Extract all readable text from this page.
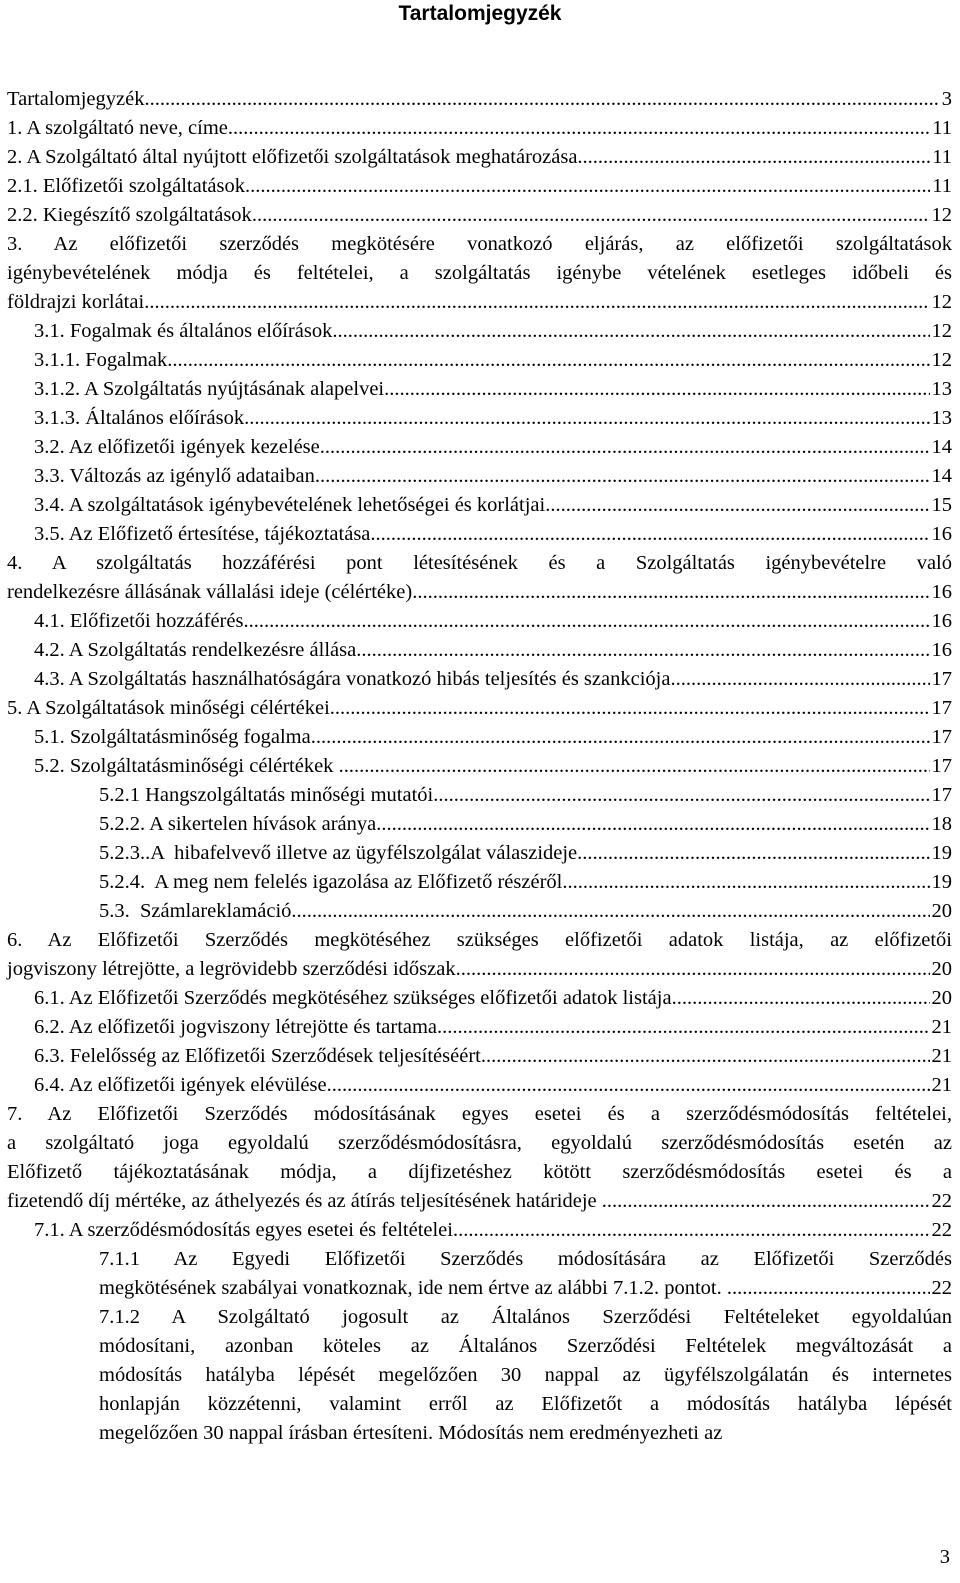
Tartalomjegyzék
Tartalomjegyzék .....	3
1. A szolgáltató neve, címe .....	11
2. A Szolgáltató által nyújtott előfizetői szolgáltatások meghatározása .....	11
2.1. Előfizetői szolgáltatások .....	11
2.2. Kiegészítő szolgáltatások .....	12
3. Az előfizetői szerződés megkötésére vonatkozó eljárás, az előfizetői szolgáltatások
igénybevételének módja és feltételei, a szolgáltatás igénybe vételének esetleges időbeli és
földrajzi korlátai .....	12
3.1. Fogalmak és általános előírások .....	12
3.1.1. Fogalmak .....	12
3.1.2. A Szolgáltatás nyújtásának alapelvei .....	13
3.1.3. Általános előírások .....	13
3.2. Az előfizetői igények kezelése .....	14
3.3. Változás az igénylő adataiban .....	14
3.4. A szolgáltatások igénybevételének lehetőségei és korlátjai .....	15
3.5. Az Előfizető értesítése, tájékoztatása .....	16
4. A szolgáltatás hozzáférési pont létesítésének és a Szolgáltatás igénybevételre való
rendelkezésre állásának vállalási ideje (célértéke) .....	16
4.1. Előfizetői hozzáférés .....	16
4.2. A Szolgáltatás rendelkezésre állása .....	16
4.3. A Szolgáltatás használhatóságára vonatkozó hibás teljesítés és szankciója .....	17
5. A Szolgáltatások minőségi célértékei .....	17
5.1. Szolgáltatásminőség fogalma .....	17
5.2. Szolgáltatásminőségi célértékek .....	17
5.2.1 Hangszolgáltatás minőségi mutatói .....	17
5.2.2. A sikertelen hívások aránya .....	18
5.2.3..A  hibafelvevő illetve az ügyfélszolgálat válaszideje .....	19
5.2.4.  A meg nem felelés igazolása az Előfizető részéről .....	19
5.3.  Számlareklamáció .....	20
6. Az Előfizetői Szerződés megkötéséhez szükséges előfizetői adatok listája, az előfizetői
jogviszony létrejötte, a legrövidebb szerződési időszak .....	20
6.1. Az Előfizetői Szerződés megkötéséhez szükséges előfizetői adatok listája .....	20
6.2. Az előfizetői jogviszony létrejötte és tartama .....	21
6.3. Felelősség az Előfizetői Szerződések teljesítéséért .....	21
6.4. Az előfizetői igények elévülése .....	21
7. Az Előfizetői Szerződés módosításának egyes esetei és a szerződésmódosítás feltételei,
a szolgáltató joga egyoldalú szerződésmódosításra, egyoldalú szerződésmódosítás esetén az
Előfizető tájékoztatásának módja, a díjfizetéshez kötött szerződésmódosítás esetei és a
fizetendő díj mértéke, az áthelyezés és az átírás teljesítésének határideje .....	22
7.1. A szerződésmódosítás egyes esetei és feltételei .....	22
7.1.1 Az Egyedi Előfizetői Szerződés módosítására az Előfizetői Szerződés
megkötésének szabályai vonatkoznak, ide nem értve az alábbi 7.1.2. pontot. .....	22
7.1.2 A Szolgáltató jogosult az Általános Szerződési Feltételeket egyoldalúan
módosítani, azonban köteles az Általános Szerződési Feltételek megváltozását a
módosítás hatályba lépését megelőzően 30 nappal az ügyfélszolgálatán és internetes
honlapján közzétenni, valamint erről az Előfizetőt a módosítás hatályba lépését
megelőzően 30 nappal írásban értesíteni. Módosítás nem eredményezheti az
3
